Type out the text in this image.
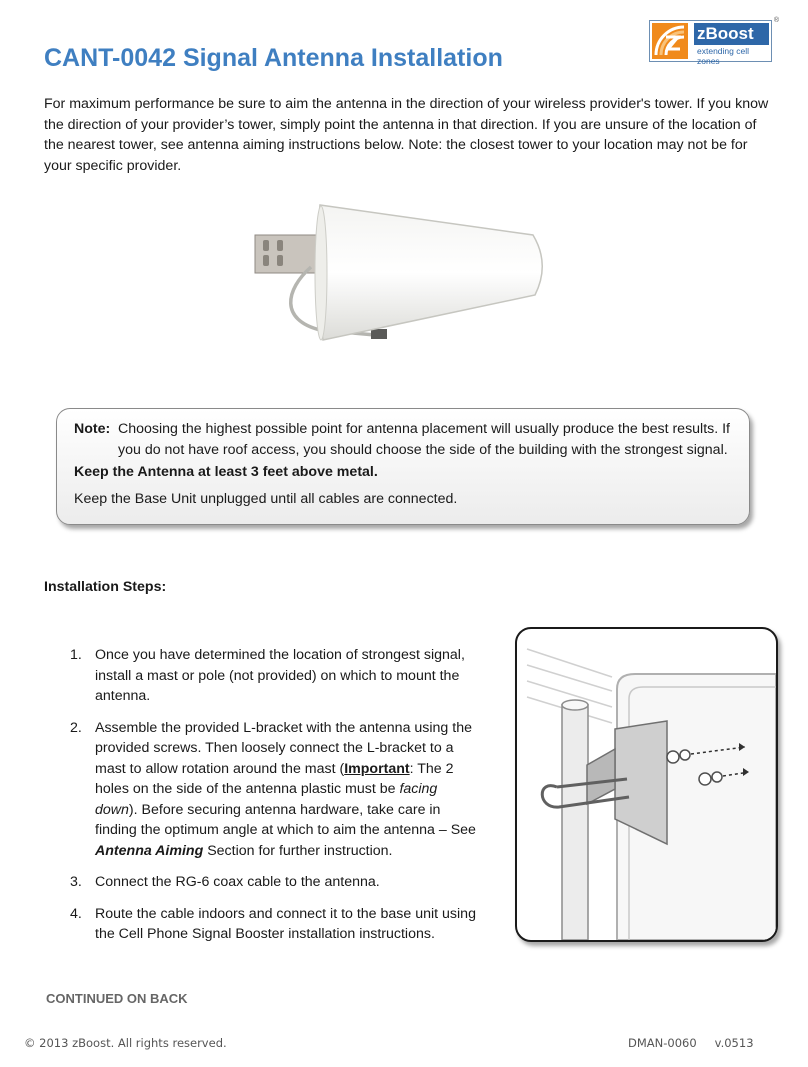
CANT-0042 Signal Antenna Installation
zBoost
extending cell zones
®

For maximum performance be sure to aim the antenna in the direction of your wireless provider's tower. If you know the direction of your provider’s tower, simply point the antenna in that direction. If you are unsure of the location of the nearest tower, see antenna aiming instructions below. Note: the closest tower to your location may not be for your specific provider.

Note: Choosing the highest possible point for antenna placement will usually produce the best results. If you do not have roof access, you should choose the side of the building with the strongest signal.
Keep the Antenna at least 3 feet above metal.
Keep the Base Unit unplugged until all cables are connected.
Installation Steps:
1. Once you have determined the location of strongest signal, install a mast or pole (not provided) on which to mount the antenna.
2. Assemble the provided L-bracket with the antenna using the provided screws. Then loosely connect the L-bracket to a mast to allow rotation around the mast (Important: The 2 holes on the side of the antenna plastic must be facing down). Before securing antenna hardware, take care in finding the optimum angle at which to aim the antenna – See Antenna Aiming Section for further instruction.
3. Connect the RG-6 coax cable to the antenna.
4. Route the cable indoors and connect it to the base unit using the Cell Phone Signal Booster installation instructions.
CONTINUED ON BACK
© 2013 zBoost. All rights reserved.	DMAN-0060 v.0513
